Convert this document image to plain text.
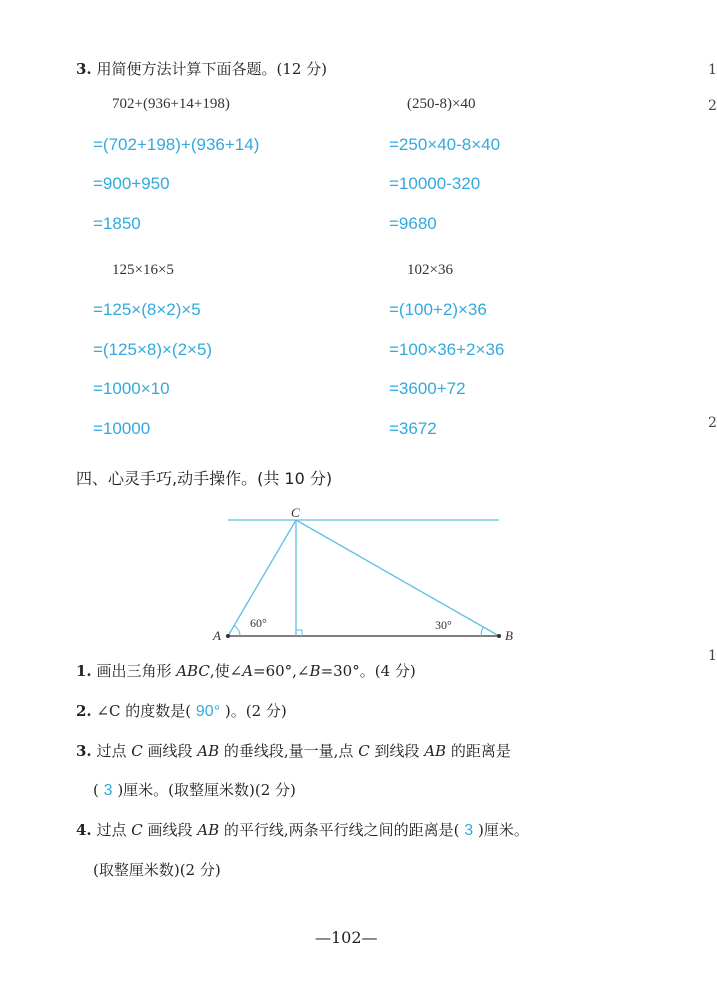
3. 用简便方法计算下面各题。(12 分)
702+(936+14+198)
=(702+198)+(936+14)
=900+950
=1850
(250-8)×40
=250×40-8×40
=10000-320
=9680
125×16×5
=125×(8×2)×5
=(125×8)×(2×5)
=1000×10
=10000
102×36
=(100+2)×36
=100×36+2×36
=3600+72
=3672
四、心灵手巧,动手操作。(共 10 分)
C
A	B
60°	30°
1. 画出三角形 ABC,使∠A=60°,∠B=30°。(4 分)
2. ∠C 的度数是( 90° )。(2 分)
3. 过点 C 画线段 AB 的垂线段,量一量,点 C 到线段 AB 的距离是
( 3 )厘米。(取整厘米数)(2 分)
4. 过点 C 画线段 AB 的平行线,两条平行线之间的距离是( 3 )厘米。
(取整厘米数)(2 分)
—102—
1
2
2
1
